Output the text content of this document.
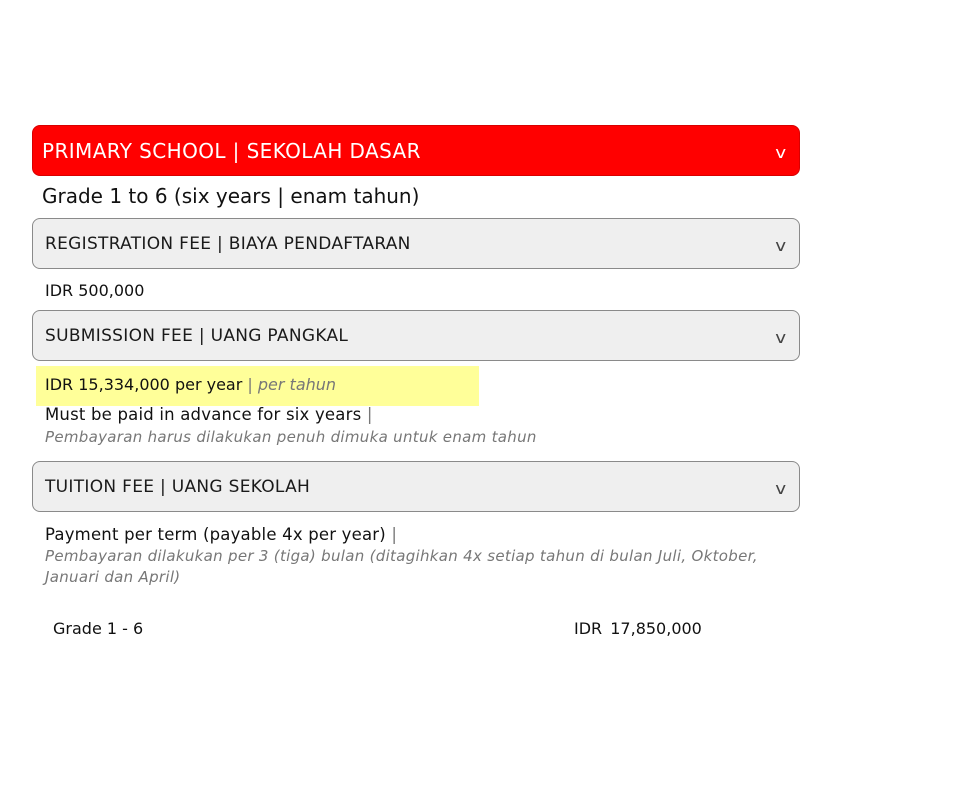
PRIMARY SCHOOL | SEKOLAH DASAR	v
Grade 1 to 6 (six years | enam tahun)
REGISTRATION FEE | BIAYA PENDAFTARAN	v
IDR 500,000
SUBMISSION FEE | UANG PANGKAL	v
IDR 15,334,000 per year | per tahun
Must be paid in advance for six years |
Pembayaran harus dilakukan penuh dimuka untuk enam tahun
TUITION FEE | UANG SEKOLAH	v
Payment per term (payable 4x per year) |
Pembayaran dilakukan per 3 (tiga) bulan (ditagihkan 4x setiap tahun di bulan Juli, Oktober, Januari dan April)
Grade 1 - 6	IDR 17,850,000
